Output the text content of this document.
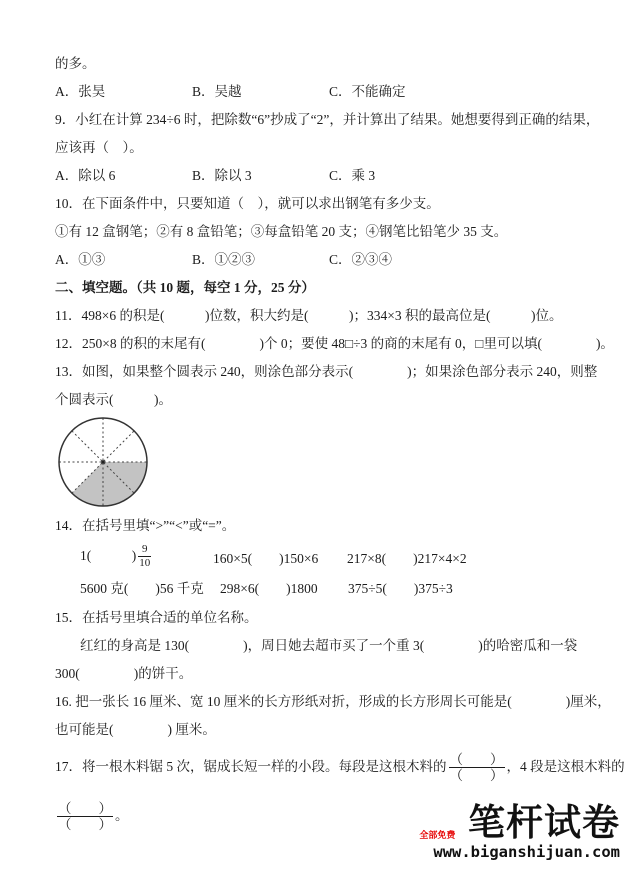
的多。
A．张昊	B．吴越	C．不能确定
9．小红在计算 234÷6 时，把除数“6”抄成了“2”，并计算出了结果。她想要得到正确的结果，
应该再（　）。
A．除以 6	B．除以 3	C．乘 3
10．在下面条件中，只要知道（　），就可以求出钢笔有多少支。
①有 12 盒钢笔；②有 8 盒铅笔；③每盒铅笔 20 支；④钢笔比铅笔少 35 支。
A．①③	B．①②③	C．②③④
二、填空题。（共 10 题，每空 1 分，25 分）
11．498×6 的积是(　　　)位数，积大约是(　　　)；334×3 积的最高位是(　　　)位。
12．250×8 的积的末尾有(　　　　)个 0；要使 48□÷3 的商的末尾有 0，□里可以填(　　　　)。
13．如图，如果整个圆表示 240，则涂色部分表示(　　　　)；如果涂色部分表示 240，则整
个圆表示(　　　)。
14．在括号里填“>”“<”或“=”。
1(　　　) $\frac{9}{10}$	160×5(　　)150×6	217×8(　　)217×4×2
5600 克(　　)56 千克	298×6(　　)1800	375÷5(　　)375÷3
15．在括号里填合适的单位名称。
红红的身高是 130(　　　　)，周日她去超市买了一个重 3(　　　　)的哈密瓜和一袋
300(　　　　)的饼干。
16. 把一张长 16 厘米、宽 10 厘米的长方形纸对折，形成的长方形周长可能是(　　　　)厘米，
也可能是(　　　　) 厘米。
17．将一根木料锯 5 次，锯成长短一样的小段。每段是这根木料的 $\frac{( )}{( )}$ ，4 段是这根木料的
$\frac{( )}{( )}$ 。
全部免费 笔杆试卷
www.biganshijuan.com
